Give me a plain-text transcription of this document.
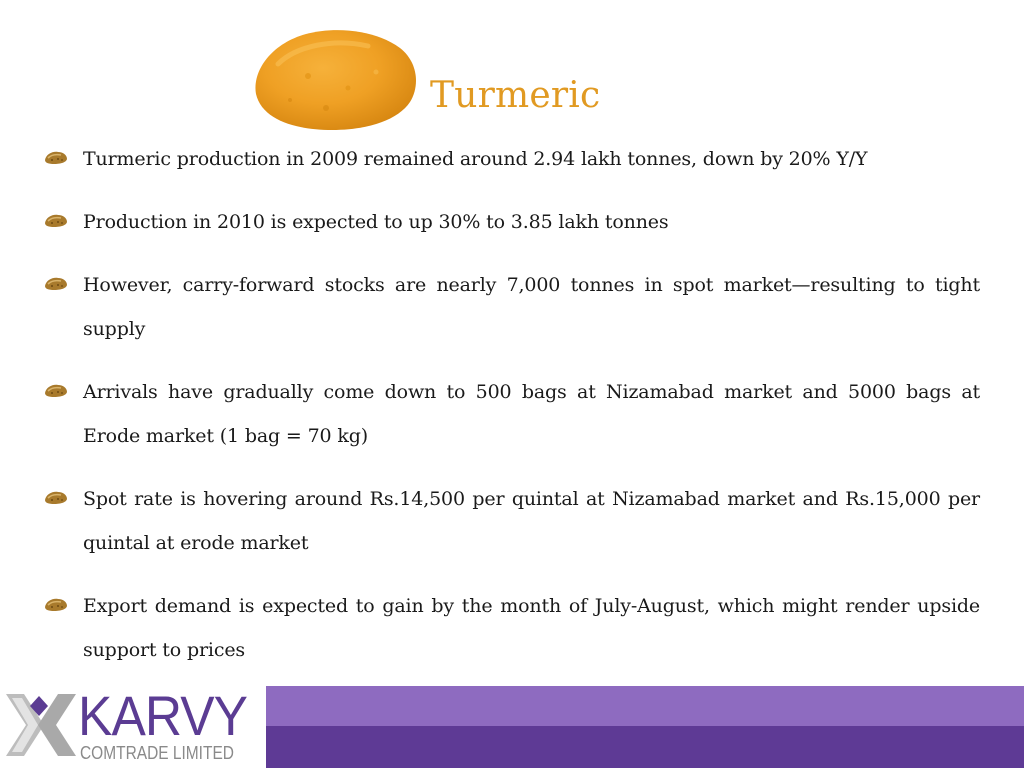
Turmeric
Turmeric production in 2009 remained around 2.94 lakh tonnes, down by 20% Y/Y
Production in 2010 is expected to up 30% to 3.85 lakh tonnes
However, carry-forward stocks are nearly 7,000 tonnes in spot market—resulting to tight supply
Arrivals have gradually come down to 500 bags at Nizamabad market and 5000 bags at Erode market (1 bag = 70 kg)
Spot rate is hovering around Rs.14,500 per quintal at Nizamabad market and Rs.15,000 per quintal at erode market
Export demand is expected to gain by the month of July-August, which might render upside support to prices
KARVY
COMTRADE LIMITED
